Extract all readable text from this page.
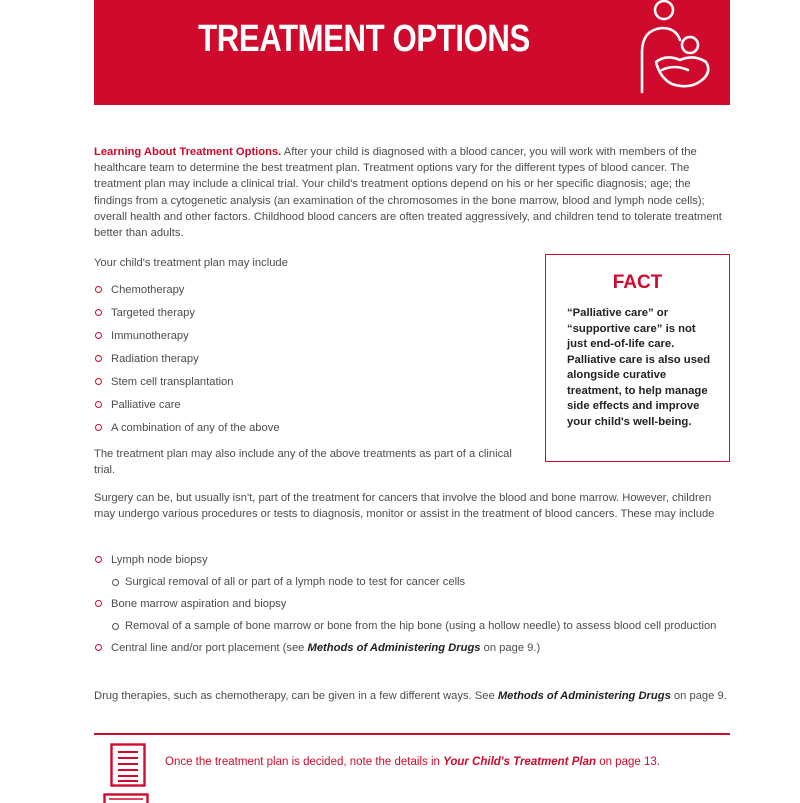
TREATMENT OPTIONS

Learning About Treatment Options. After your child is diagnosed with a blood cancer, you will work with members of the healthcare team to determine the best treatment plan. Treatment options vary for the different types of blood cancer. The treatment plan may include a clinical trial. Your child's treatment options depend on his or her specific diagnosis; age; the findings from a cytogenetic analysis (an examination of the chromosomes in the bone marrow, blood and lymph node cells); overall health and other factors. Childhood blood cancers are often treated aggressively, and children tend to tolerate treatment better than adults.

Your child's treatment plan may include

Chemotherapy
Targeted therapy
Immunotherapy
Radiation therapy
Stem cell transplantation
Palliative care
A combination of any of the above

The treatment plan may also include any of the above treatments as part of a clinical trial.

FACT
“Palliative care” or “supportive care” is not just end-of-life care. Palliative care is also used alongside curative treatment, to help manage side effects and improve your child's well-being.

Surgery can be, but usually isn't, part of the treatment for cancers that involve the blood and bone marrow. However, children may undergo various procedures or tests to diagnosis, monitor or assist in the treatment of blood cancers. These may include

Lymph node biopsy
Surgical removal of all or part of a lymph node to test for cancer cells
Bone marrow aspiration and biopsy
Removal of a sample of bone marrow or bone from the hip bone (using a hollow needle) to assess blood cell production
Central line and/or port placement (see Methods of Administering Drugs on page 9.)

Drug therapies, such as chemotherapy, can be given in a few different ways. See Methods of Administering Drugs on page 9.

Once the treatment plan is decided, note the details in Your Child's Treatment Plan on page 13.
